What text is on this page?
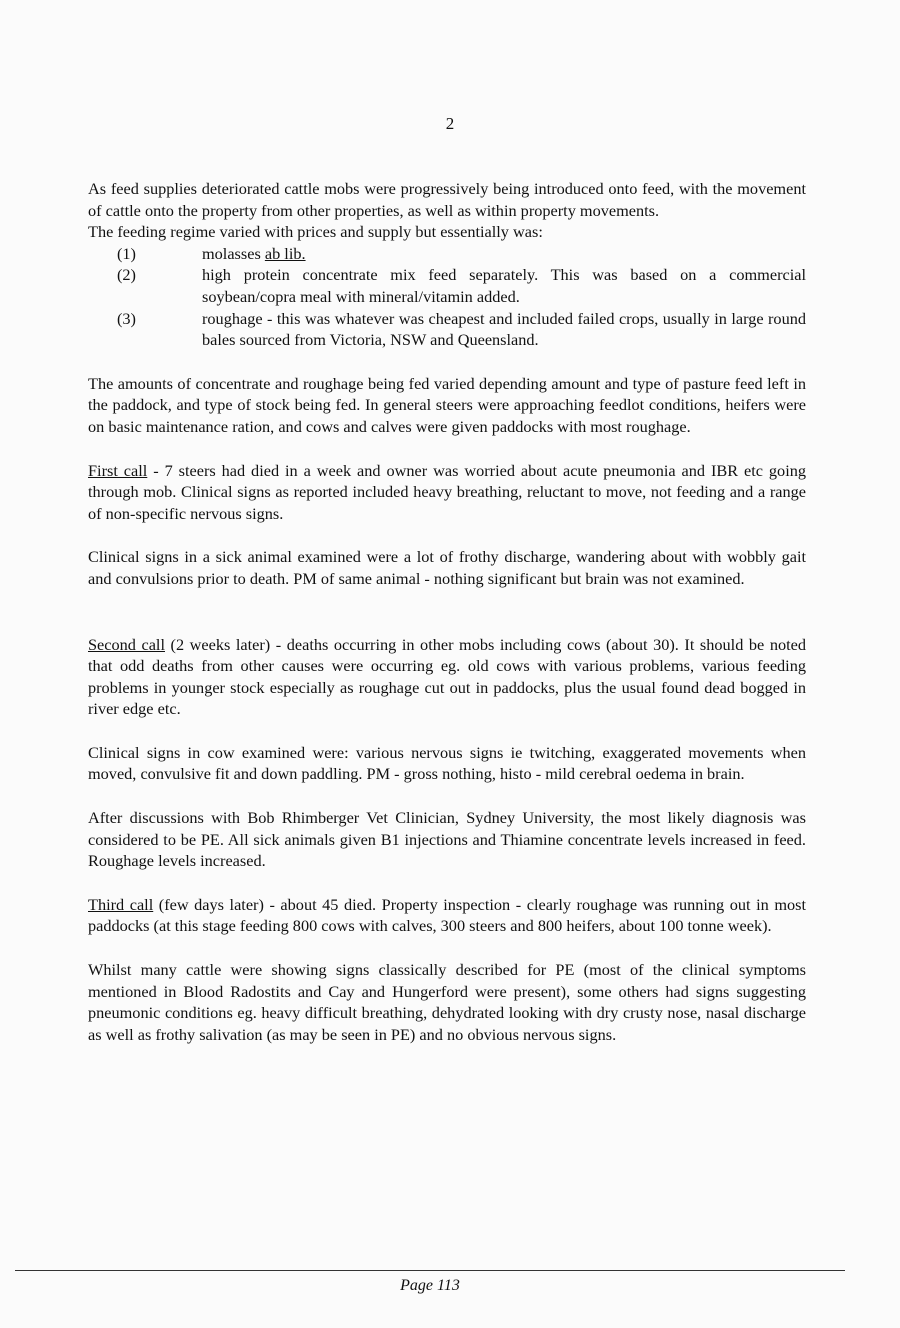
2

As feed supplies deteriorated cattle mobs were progressively being introduced onto feed, with the movement of cattle onto the property from other properties, as well as within property movements.

The feeding regime varied with prices and supply but essentially was:

(1)	molasses ab lib.
(2)	high protein concentrate mix feed separately. This was based on a commercial soybean/copra meal with mineral/vitamin added.
(3)	roughage - this was whatever was cheapest and included failed crops, usually in large round bales sourced from Victoria, NSW and Queensland.

The amounts of concentrate and roughage being fed varied depending amount and type of pasture feed left in the paddock, and type of stock being fed. In general steers were approaching feedlot conditions, heifers were on basic maintenance ration, and cows and calves were given paddocks with most roughage.

First call - 7 steers had died in a week and owner was worried about acute pneumonia and IBR etc going through mob. Clinical signs as reported included heavy breathing, reluctant to move, not feeding and a range of non-specific nervous signs.

Clinical signs in a sick animal examined were a lot of frothy discharge, wandering about with wobbly gait and convulsions prior to death. PM of same animal - nothing significant but brain was not examined.

Second call (2 weeks later) - deaths occurring in other mobs including cows (about 30). It should be noted that odd deaths from other causes were occurring eg. old cows with various problems, various feeding problems in younger stock especially as roughage cut out in paddocks, plus the usual found dead bogged in river edge etc.

Clinical signs in cow examined were: various nervous signs ie twitching, exaggerated movements when moved, convulsive fit and down paddling. PM - gross nothing, histo - mild cerebral oedema in brain.

After discussions with Bob Rhimberger Vet Clinician, Sydney University, the most likely diagnosis was considered to be PE. All sick animals given B1 injections and Thiamine concentrate levels increased in feed. Roughage levels increased.

Third call (few days later) - about 45 died. Property inspection - clearly roughage was running out in most paddocks (at this stage feeding 800 cows with calves, 300 steers and 800 heifers, about 100 tonne week).

Whilst many cattle were showing signs classically described for PE (most of the clinical symptoms mentioned in Blood Radostits and Cay and Hungerford were present), some others had signs suggesting pneumonic conditions eg. heavy difficult breathing, dehydrated looking with dry crusty nose, nasal discharge as well as frothy salivation (as may be seen in PE) and no obvious nervous signs.

Page 113
